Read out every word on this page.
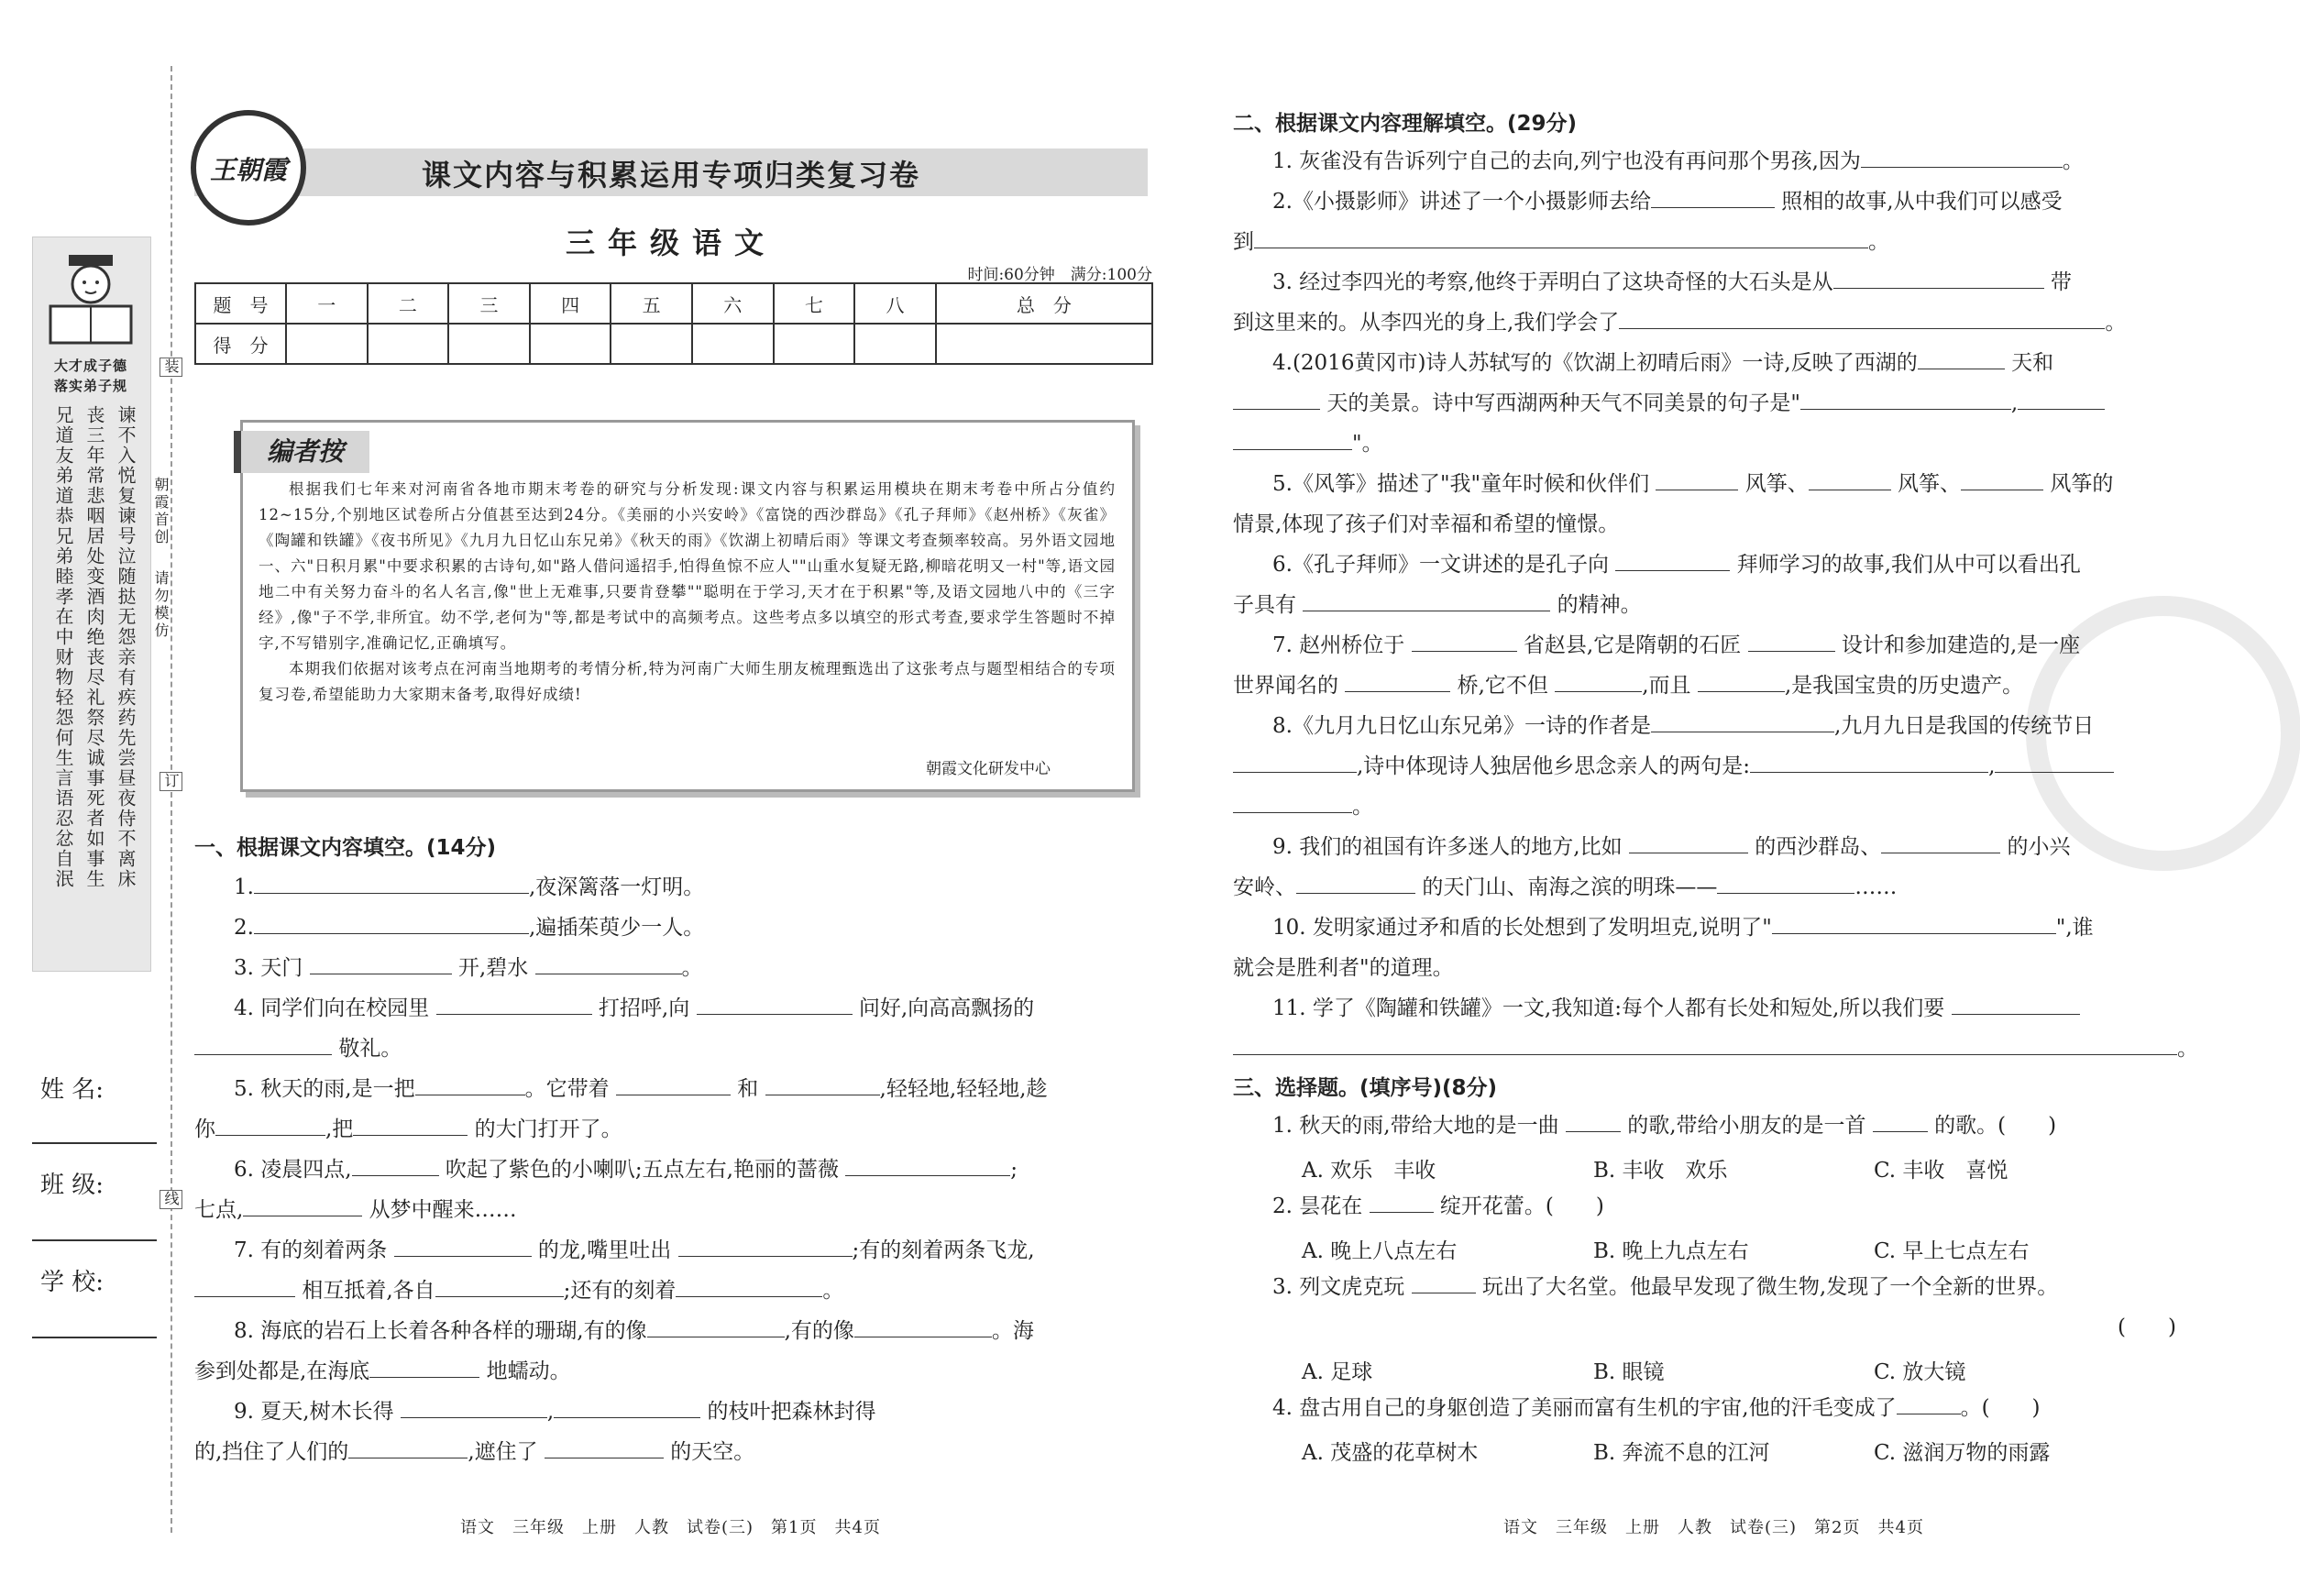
大才成子德
落实弟子规
兄道友弟道恭兄弟睦孝在中财物轻怨何生言语忍忿自泯 丧三年常悲咽居处变酒肉绝丧尽礼祭尽诚事死者如事生 谏不入悦复谏号泣随挞无怨亲有疾药先尝昼夜侍不离床
姓 名:
班 级:
学 校:
装
订
线
朝霞首创
请勿模仿
王朝霞	课文内容与积累运用专项归类复习卷
三年级语文
时间:60分钟　满分:100分
题　号	一	二	三	四	五	六	七	八	总　分
得　分									
编者按
根据我们七年来对河南省各地市期末考卷的研究与分析发现:课文内容与积累运用模块在期末考卷中所占分值约12~15分,个别地区试卷所占分值甚至达到24分。《美丽的小兴安岭》《富饶的西沙群岛》《孔子拜师》《赵州桥》《灰雀》《陶罐和铁罐》《夜书所见》《九月九日忆山东兄弟》《秋天的雨》《饮湖上初晴后雨》等课文考查频率较高。另外语文园地一、六"日积月累"中要求积累的古诗句,如"路人借问遥招手,怕得鱼惊不应人""山重水复疑无路,柳暗花明又一村"等,语文园地二中有关努力奋斗的名人名言,像"世上无难事,只要肯登攀""聪明在于学习,天才在于积累"等,及语文园地八中的《三字经》,像"子不学,非所宜。幼不学,老何为"等,都是考试中的高频考点。这些考点多以填空的形式考查,要求学生答题时不掉字,不写错别字,准确记忆,正确填写。
本期我们依据对该考点在河南当地期考的考情分析,特为河南广大师生朋友梳理甄选出了这张考点与题型相结合的专项复习卷,希望能助力大家期末备考,取得好成绩!
朝霞文化研发中心
一、根据课文内容填空。(14分)
1.	,夜深篱落一灯明。
2.	,遍插茱萸少一人。
3. 天门	开,碧水	。
4. 同学们向在校园里	打招呼,向	问好,向高高飘扬的
敬礼。
5. 秋天的雨,是一把	。它带着	和	,轻轻地,轻轻地,趁
你	,把	的大门打开了。
6. 凌晨四点,	吹起了紫色的小喇叭;五点左右,艳丽的蔷薇	;
七点,	从梦中醒来……
7. 有的刻着两条	的龙,嘴里吐出	;有的刻着两条飞龙,
相互抵着,各自	;还有的刻着	。
8. 海底的岩石上长着各种各样的珊瑚,有的像	,有的像	。海
参到处都是,在海底	地蠕动。
9. 夏天,树木长得	,	的枝叶把森林封得
的,挡住了人们的	,遮住了	的天空。
语文　三年级　上册　人教　试卷(三)　第1页　共4页
二、根据课文内容理解填空。(29分)
1. 灰雀没有告诉列宁自己的去向,列宁也没有再问那个男孩,因为	。
2.《小摄影师》讲述了一个小摄影师去给	照相的故事,从中我们可以感受
到	。
3. 经过李四光的考察,他终于弄明白了这块奇怪的大石头是从	带
到这里来的。从李四光的身上,我们学会了	。
4.(2016黄冈市)诗人苏轼写的《饮湖上初晴后雨》一诗,反映了西湖的	天和
天的美景。诗中写西湖两种天气不同美景的句子是"	,
"。
5.《风筝》描述了"我"童年时候和伙伴们	风筝、	风筝、	风筝的
情景,体现了孩子们对幸福和希望的憧憬。
6.《孔子拜师》一文讲述的是孔子向	拜师学习的故事,我们从中可以看出孔
子具有	的精神。
7. 赵州桥位于	省赵县,它是隋朝的石匠	设计和参加建造的,是一座
世界闻名的	桥,它不但	,而且	,是我国宝贵的历史遗产。
8.《九月九日忆山东兄弟》一诗的作者是	,九月九日是我国的传统节日
,诗中体现诗人独居他乡思念亲人的两句是:	,
。
9. 我们的祖国有许多迷人的地方,比如	的西沙群岛、	的小兴
安岭、	的天门山、南海之滨的明珠——	……
10. 发明家通过矛和盾的长处想到了发明坦克,说明了"	",谁
就会是胜利者"的道理。
11. 学了《陶罐和铁罐》一文,我知道:每个人都有长处和短处,所以我们要
。
三、选择题。(填序号)(8分)
1. 秋天的雨,带给大地的是一曲	的歌,带给小朋友的是一首	的歌。(　　)
A. 欢乐　丰收	B. 丰收　欢乐	C. 丰收　喜悦
2. 昙花在	绽开花蕾。(　　)
A. 晚上八点左右	B. 晚上九点左右	C. 早上七点左右
3. 列文虎克玩	玩出了大名堂。他最早发现了微生物,发现了一个全新的世界。
(　　)
A. 足球	B. 眼镜	C. 放大镜
4. 盘古用自己的身躯创造了美丽而富有生机的宇宙,他的汗毛变成了	。(　　)
A. 茂盛的花草树木	B. 奔流不息的江河	C. 滋润万物的雨露
语文　三年级　上册　人教　试卷(三)　第2页　共4页
